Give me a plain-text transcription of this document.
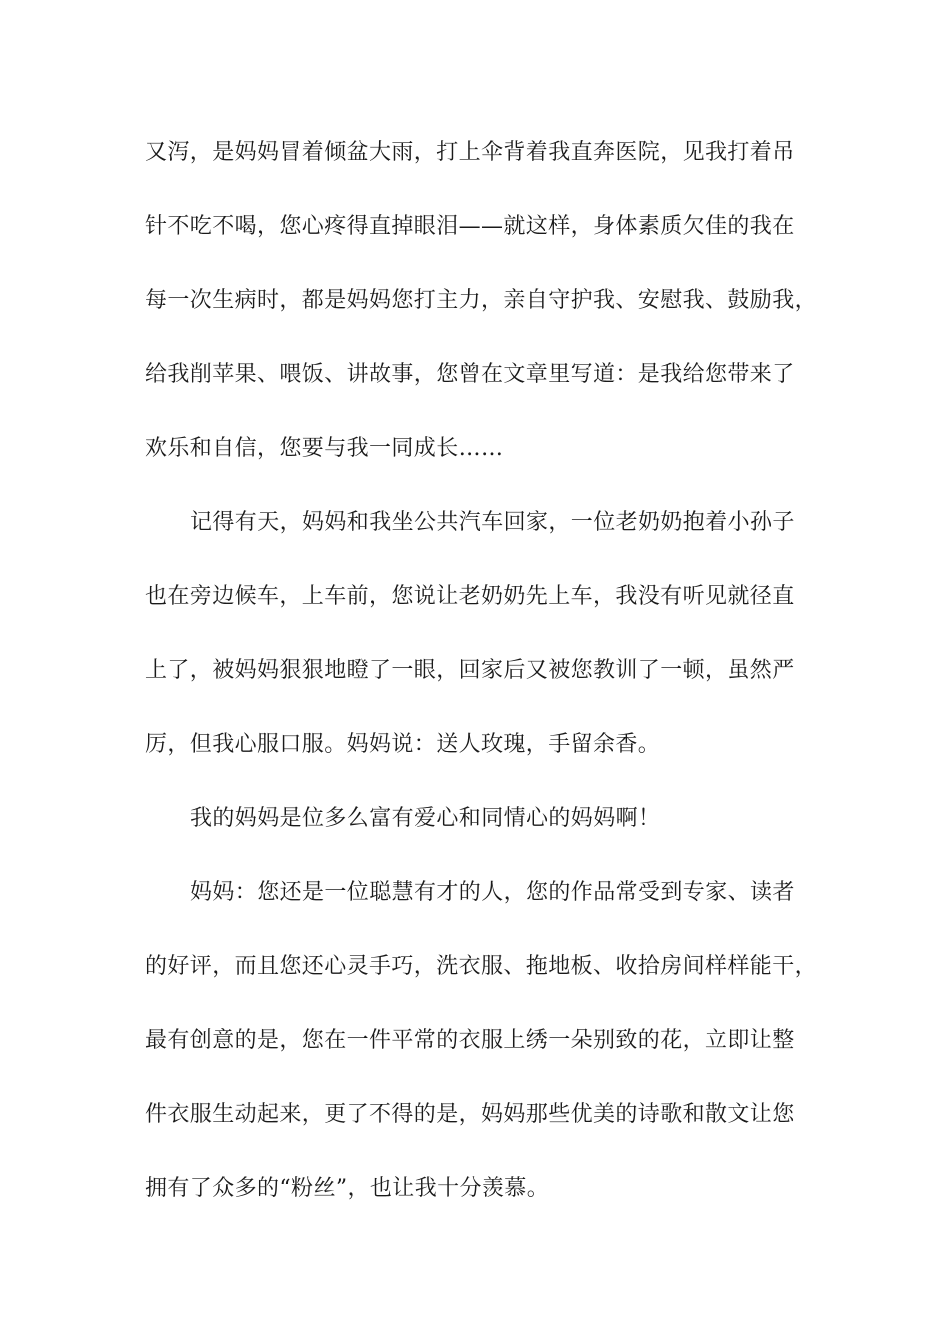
又泻，是妈妈冒着倾盆大雨，打上伞背着我直奔医院，见我打着吊
针不吃不喝，您心疼得直掉眼泪——就这样，身体素质欠佳的我在
每一次生病时，都是妈妈您打主力，亲自守护我、安慰我、鼓励我，
给我削苹果、喂饭、讲故事，您曾在文章里写道：是我给您带来了
欢乐和自信，您要与我一同成长……
记得有天，妈妈和我坐公共汽车回家，一位老奶奶抱着小孙子
也在旁边候车，上车前，您说让老奶奶先上车，我没有听见就径直
上了，被妈妈狠狠地瞪了一眼，回家后又被您教训了一顿，虽然严
厉，但我心服口服。妈妈说：送人玫瑰，手留余香。
我的妈妈是位多么富有爱心和同情心的妈妈啊！
妈妈：您还是一位聪慧有才的人，您的作品常受到专家、读者
的好评，而且您还心灵手巧，洗衣服、拖地板、收拾房间样样能干，
最有创意的是，您在一件平常的衣服上绣一朵别致的花，立即让整
件衣服生动起来，更了不得的是，妈妈那些优美的诗歌和散文让您
拥有了众多的“粉丝”，也让我十分羡慕。
